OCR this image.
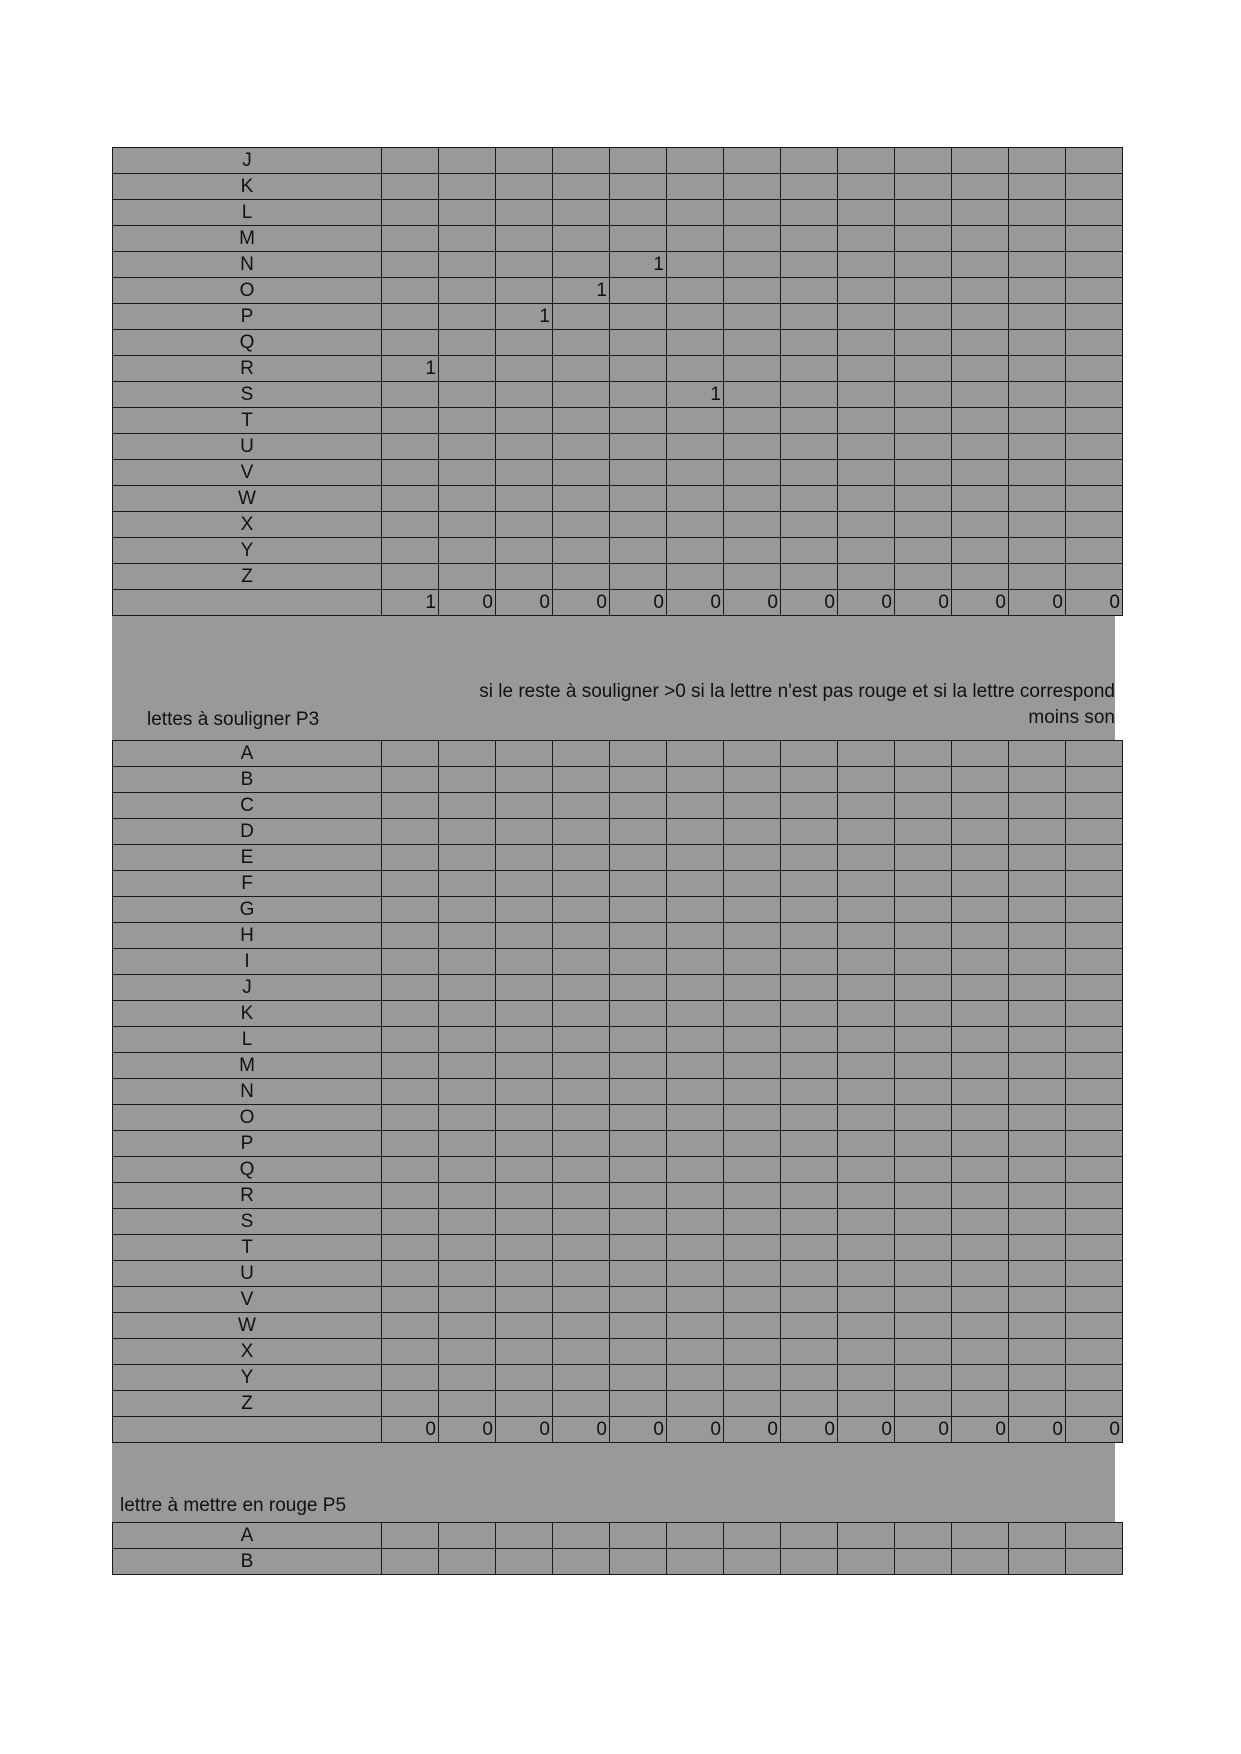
J													
K													
L													
M													
N					1								
O				1									
P			1										
Q													
R	1												
S						1							
T													
U													
V													
W													
X													
Y													
Z													
	1	0	0	0	0	0	0	0	0	0	0	0	0
si le reste à souligner >0 si la lettre n'est pas rouge et si la lettre correspond
moins son
lettes à souligner P3
A													
B													
C													
D													
E													
F													
G													
H													
I													
J													
K													
L													
M													
N													
O													
P													
Q													
R													
S													
T													
U													
V													
W													
X													
Y													
Z													
	0	0	0	0	0	0	0	0	0	0	0	0	0
lettre à mettre en rouge P5
A													
B													
